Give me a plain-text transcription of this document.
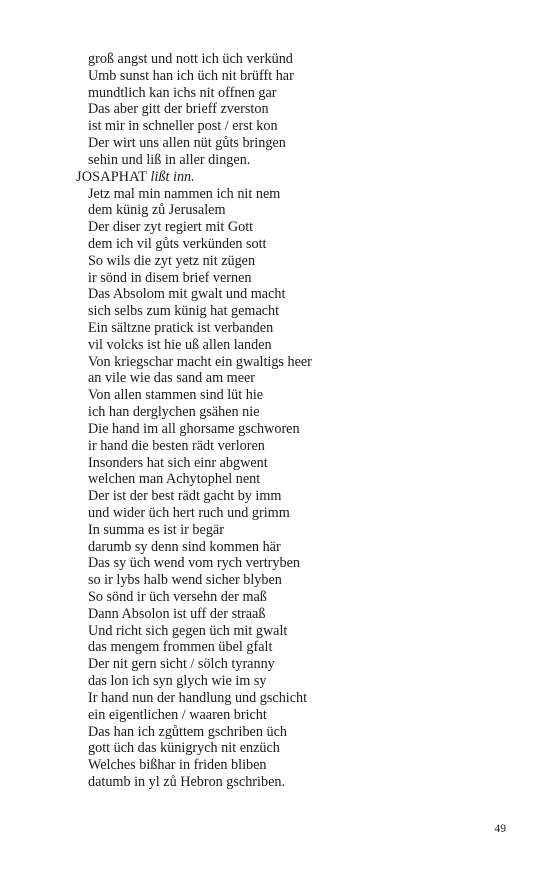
groß angst und nott ich üch verkünd
Umb sunst han ich üch nit brüfft har
mundtlich kan ichs nit offnen gar
Das aber gitt der brieff zverston
ist mir in schneller post / erst kon
Der wirt uns allen nüt gůts bringen
sehin und liß in aller dingen.
JOSAPHAT lißt inn.
Jetz mal min nammen ich nit nem
dem künig zů Jerusalem
Der diser zyt regiert mit Gott
dem ich vil gůts verkünden sott
So wils die zyt yetz nit zügen
ir sönd in disem brief vernen
Das Absolom mit gwalt und macht
sich selbs zum künig hat gemacht
Ein sältzne pratick ist verbanden
vil volcks ist hie uß allen landen
Von kriegschar macht ein gwaltigs heer
an vile wie das sand am meer
Von allen stammen sind lüt hie
ich han derglychen gsähen nie
Die hand im all ghorsame gschworen
ir hand die besten rädt verloren
Insonders hat sich einr abgwent
welchen man Achytophel nent
Der ist der best rädt gacht by imm
und wider üch hert ruch und grimm
In summa es ist ir begär
darumb sy denn sind kommen här
Das sy üch wend vom rych vertryben
so ir lybs halb wend sicher blyben
So sönd ir üch versehn der maß
Dann Absolon ist uff der straaß
Und richt sich gegen üch mit gwalt
das mengem frommen übel gfalt
Der nit gern sicht / sölch tyranny
das lon ich syn glych wie im sy
Ir hand nun der handlung und gschicht
ein eigentlichen / waaren bricht
Das han ich zgůttem gschriben üch
gott üch das künigrych nit enzüch
Welches bißhar in friden bliben
datumb in yl zů Hebron gschriben.
49
